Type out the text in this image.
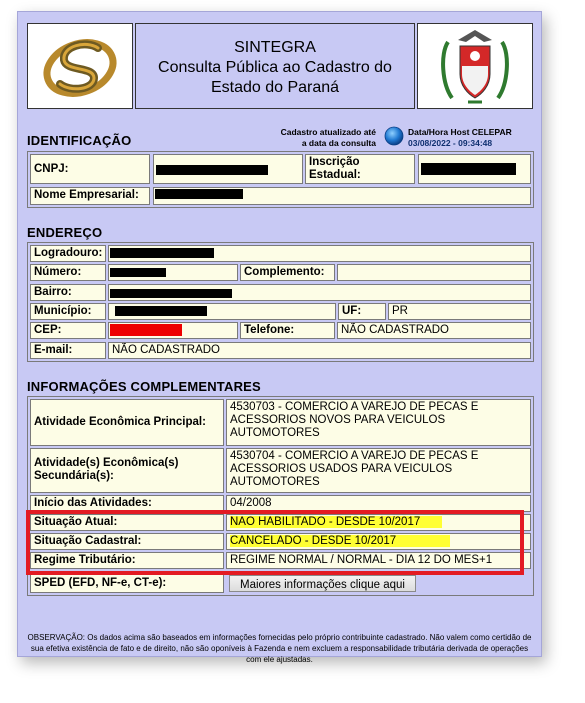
SINTEGRA
Consulta Pública ao Cadastro do
Estado do Paraná
IDENTIFICAÇÃO
Cadastro atualizado até
a data da consulta
Data/Hora Host CELEPAR
03/08/2022 - 09:34:48
CNPJ:
Inscrição
Estadual:
Nome Empresarial:
ENDEREÇO
Logradouro:
Número:	Complemento:
Bairro:
Município:	UF:	PR
CEP:	Telefone:	NÃO CADASTRADO
E-mail:	NÃO CADASTRADO
INFORMAÇÕES COMPLEMENTARES
Atividade Econômica Principal:
4530703 - COMERCIO A VAREJO DE PECAS E ACESSORIOS NOVOS PARA VEICULOS AUTOMOTORES
Atividade(s) Econômica(s) Secundária(s):
4530704 - COMERCIO A VAREJO DE PECAS E ACESSORIOS USADOS PARA VEICULOS AUTOMOTORES
Início das Atividades:	04/2008
Situação Atual:	NAO HABILITADO - DESDE 10/2017
Situação Cadastral:	CANCELADO - DESDE 10/2017
Regime Tributário:	REGIME NORMAL / NORMAL - DIA 12 DO MES+1
SPED (EFD, NF-e, CT-e):	Maiores informações clique aqui
OBSERVAÇÃO: Os dados acima são baseados em informações fornecidas pelo próprio contribuinte cadastrado. Não valem como certidão de sua efetiva existência de fato e de direito, não são oponíveis à Fazenda e nem excluem a responsabilidade tributária derivada de operações com ele ajustadas.
